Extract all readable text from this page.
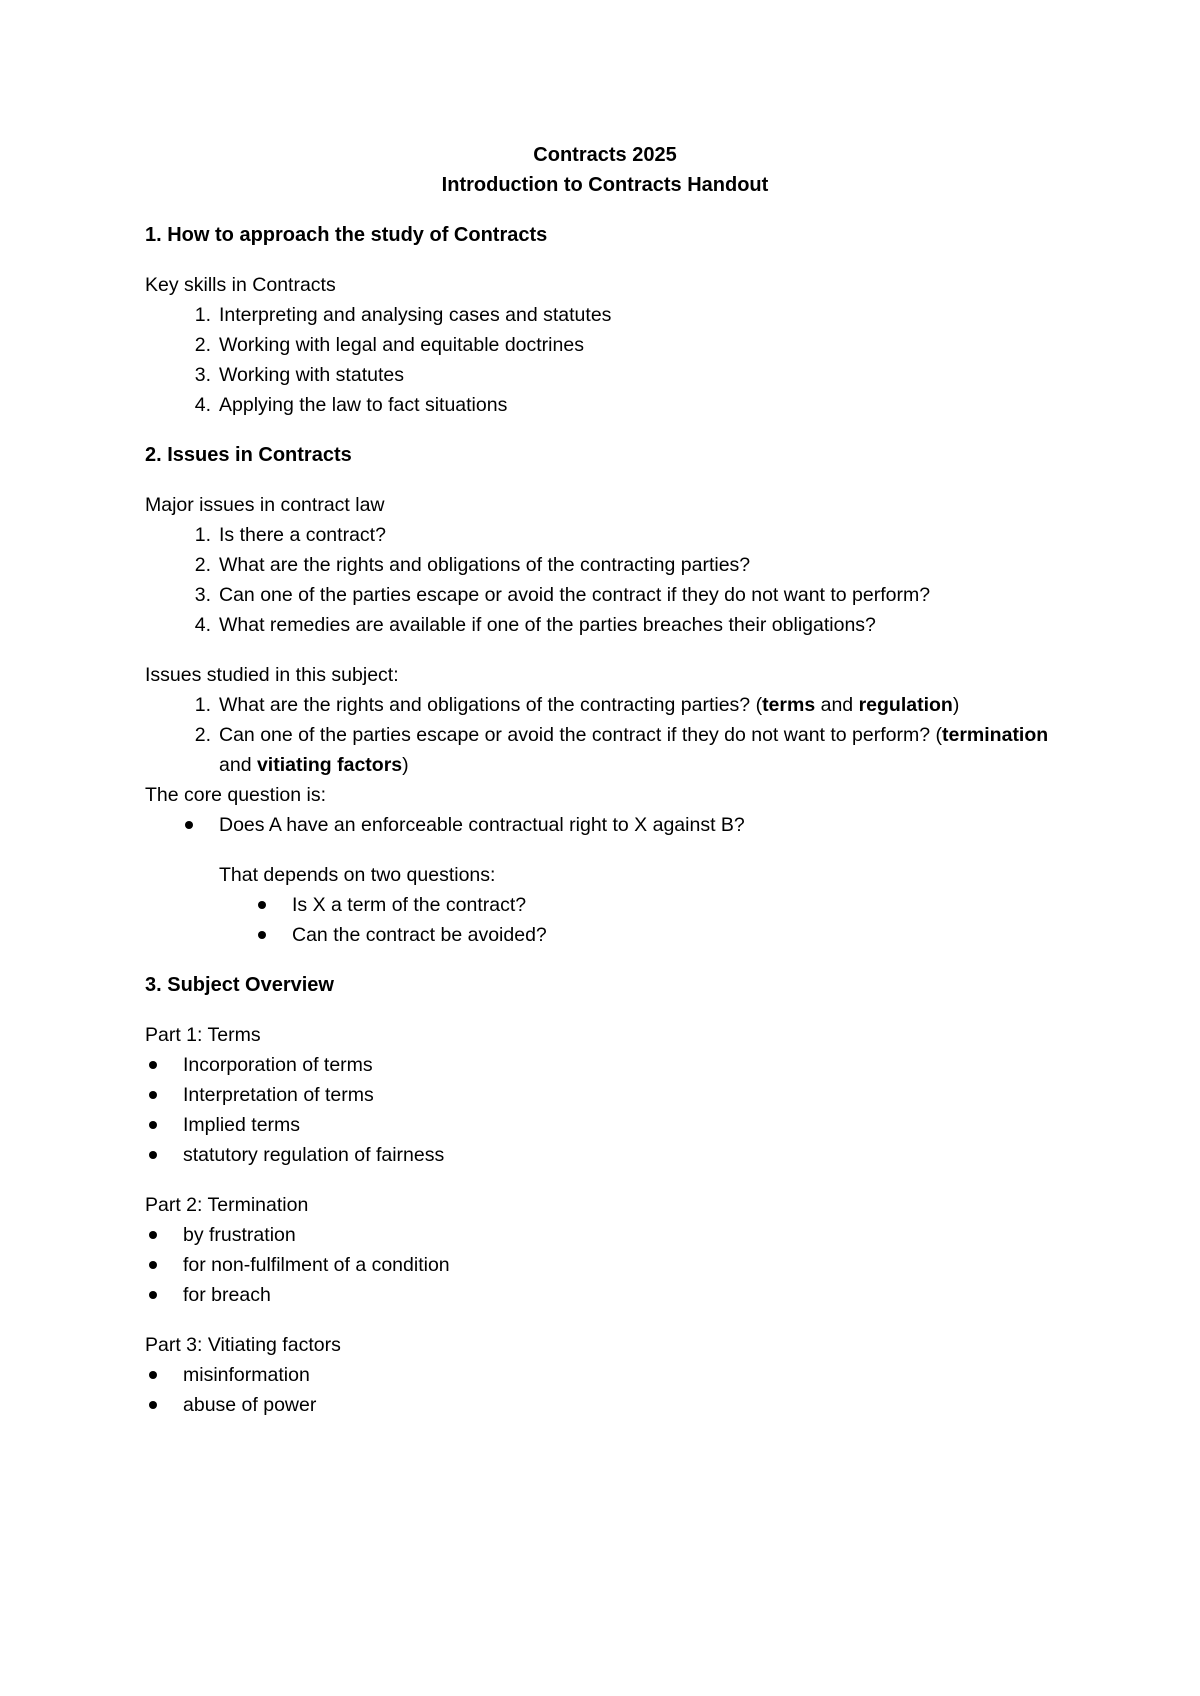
Contracts 2025
Introduction to Contracts Handout
1. How to approach the study of Contracts
Key skills in Contracts
1. Interpreting and analysing cases and statutes
2. Working with legal and equitable doctrines
3. Working with statutes
4. Applying the law to fact situations
2. Issues in Contracts
Major issues in contract law
1. Is there a contract?
2. What are the rights and obligations of the contracting parties?
3. Can one of the parties escape or avoid the contract if they do not want to perform?
4. What remedies are available if one of the parties breaches their obligations?
Issues studied in this subject:
1. What are the rights and obligations of the contracting parties? (terms and regulation)
2. Can one of the parties escape or avoid the contract if they do not want to perform? (termination and vitiating factors)
The core question is:
Does A have an enforceable contractual right to X against B?
That depends on two questions:
Is X a term of the contract?
Can the contract be avoided?
3. Subject Overview
Part 1: Terms
Incorporation of terms
Interpretation of terms
Implied terms
statutory regulation of fairness
Part 2: Termination
by frustration
for non-fulfilment of a condition
for breach
Part 3: Vitiating factors
misinformation
abuse of power
